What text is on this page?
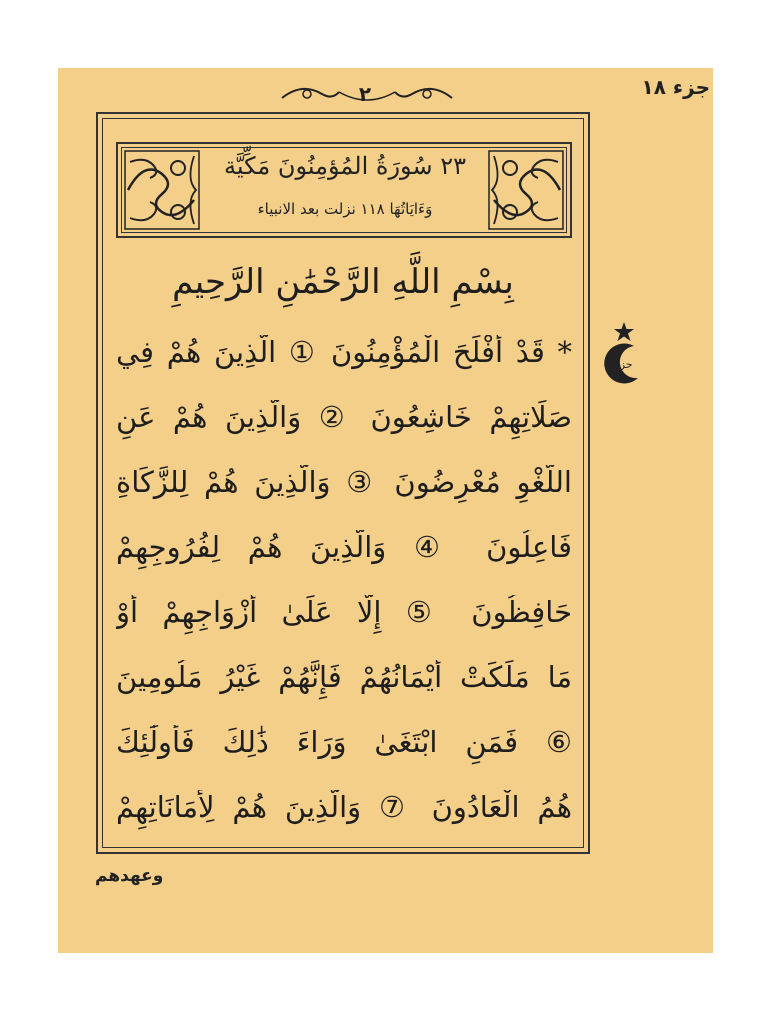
جزء ١٨
٢
٢٣ سُورَةُ المُؤمِنُونَ مَكِّيَّة
وَءَايَاتُهَا ١١٨ نزلت بعد الانبياء
بِسْمِ اللَّهِ الرَّحْمَٰنِ الرَّحِيمِ
* قَدْ أَفْلَحَ الْمُؤْمِنُونَ ① الَّذِينَ هُمْ فِي
صَلَاتِهِمْ خَاشِعُونَ ② وَالَّذِينَ هُمْ عَنِ
اللَّغْوِ مُعْرِضُونَ ③ وَالَّذِينَ هُمْ لِلزَّكَاةِ
فَاعِلُونَ ④ وَالَّذِينَ هُمْ لِفُرُوجِهِمْ
حَافِظُونَ ⑤ إِلَّا عَلَىٰ أَزْوَاجِهِمْ أَوْ
مَا مَلَكَتْ أَيْمَانُهُمْ فَإِنَّهُمْ غَيْرُ مَلُومِينَ
⑥ فَمَنِ ابْتَغَىٰ وَرَاءَ ذَٰلِكَ فَأُولَٰئِكَ
هُمُ الْعَادُونَ ⑦ وَالَّذِينَ هُمْ لِأَمَانَاتِهِمْ
حزب
وعهدهم
